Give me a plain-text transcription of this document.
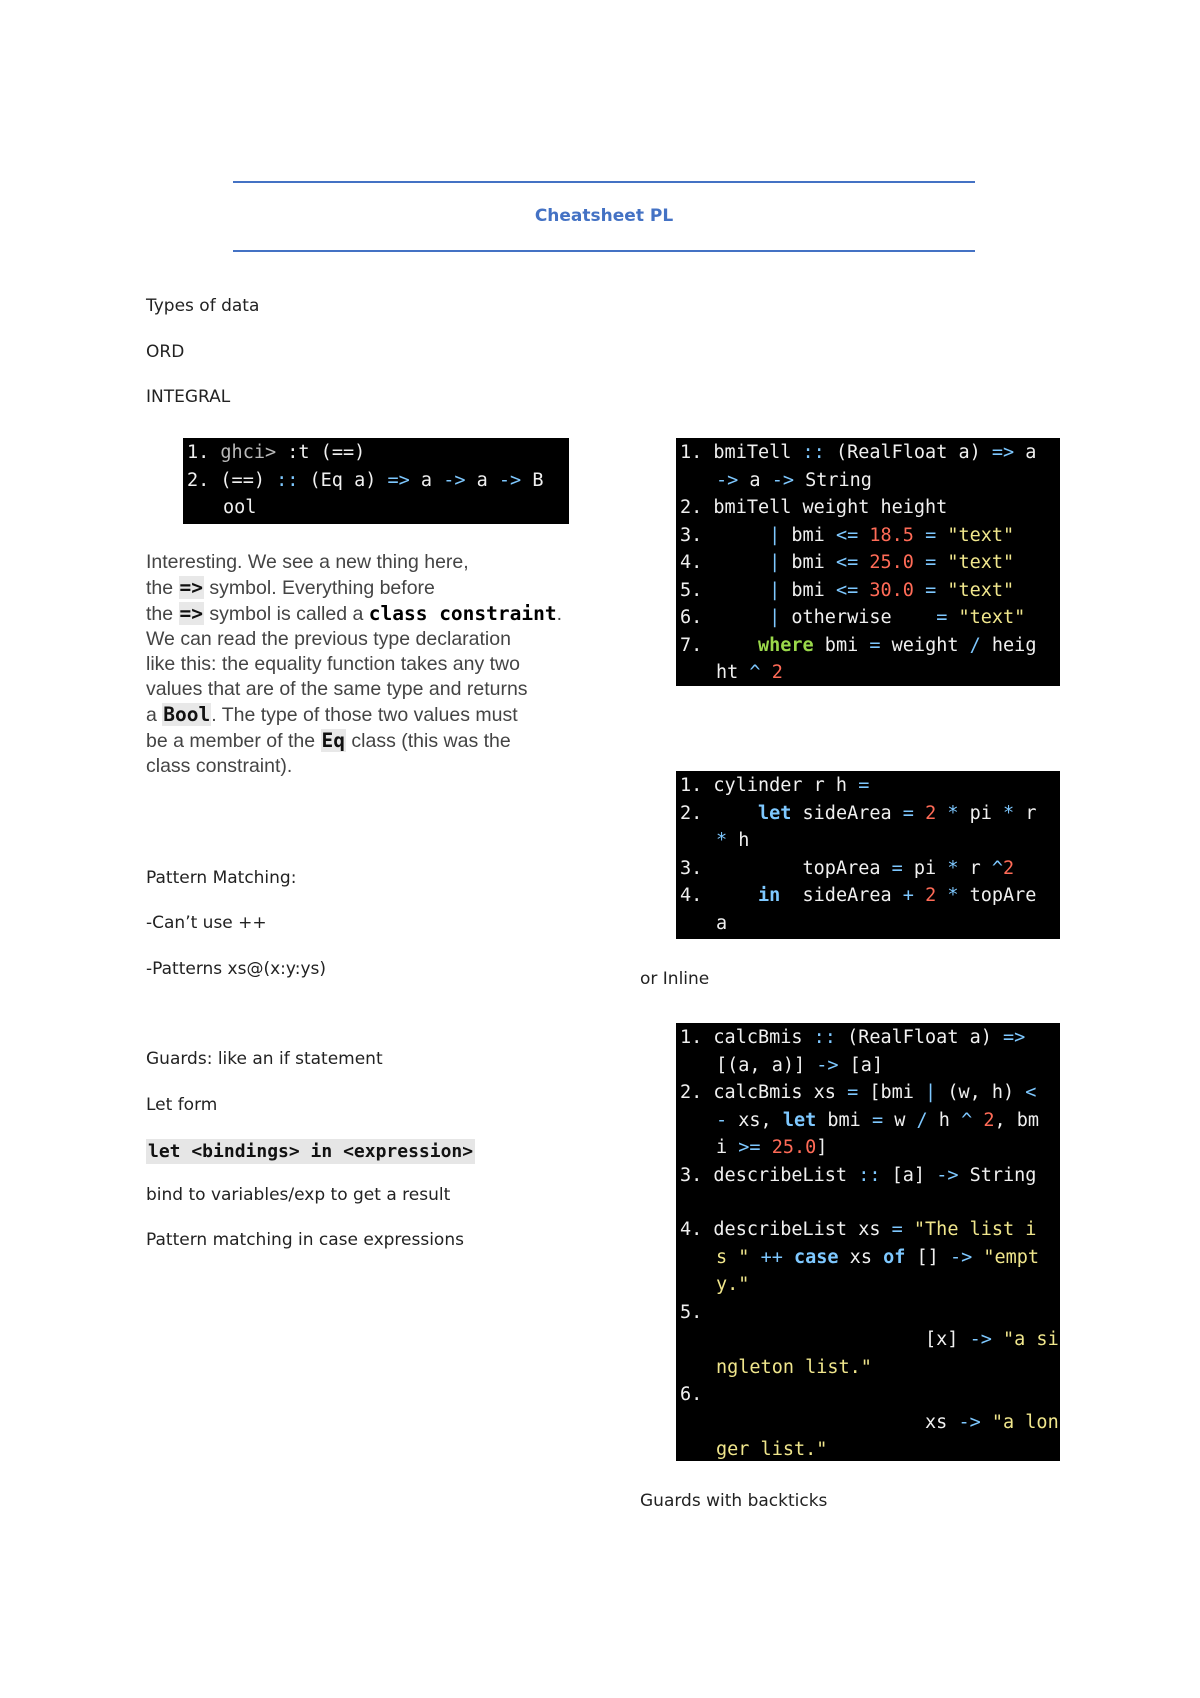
Cheatsheet PL
Types of data
ORD
INTEGRAL
1. ghci> :t (==)
2. (==) :: (Eq a) => a -> a -> B
ool
Interesting. We see a new thing here,
the => symbol. Everything before
the => symbol is called a class constraint.
We can read the previous type declaration
like this: the equality function takes any two
values that are of the same type and returns
a Bool. The type of those two values must
be a member of the Eq class (this was the
class constraint).
Pattern Matching:
-Can’t use ++
-Patterns xs@(x:y:ys)
Guards: like an if statement
Let form
let <bindings> in <expression>
bind to variables/exp to get a result
Pattern matching in case expressions
1. bmiTell :: (RealFloat a) => a
-> a -> String
2. bmiTell weight height
3.      | bmi <= 18.5 = "text"
4.      | bmi <= 25.0 = "text"
5.      | bmi <= 30.0 = "text"
6.      | otherwise    = "text"
7.     where bmi = weight / heig
ht ^ 2
1. cylinder r h =
2.     let sideArea = 2 * pi * r
* h
3.         topArea = pi * r ^2
4.     in  sideArea + 2 * topAre
a
or Inline
1. calcBmis :: (RealFloat a) =>
[(a, a)] -> [a]
2. calcBmis xs = [bmi | (w, h) <
- xs, let bmi = w / h ^ 2, bm
i >= 25.0]
3. describeList :: [a] -> String
4. describeList xs = "The list i
s " ++ case xs of [] -> "empt
y."
5.
[x] -> "a si
ngleton list."
6.
xs -> "a lon
ger list."
Guards with backticks
